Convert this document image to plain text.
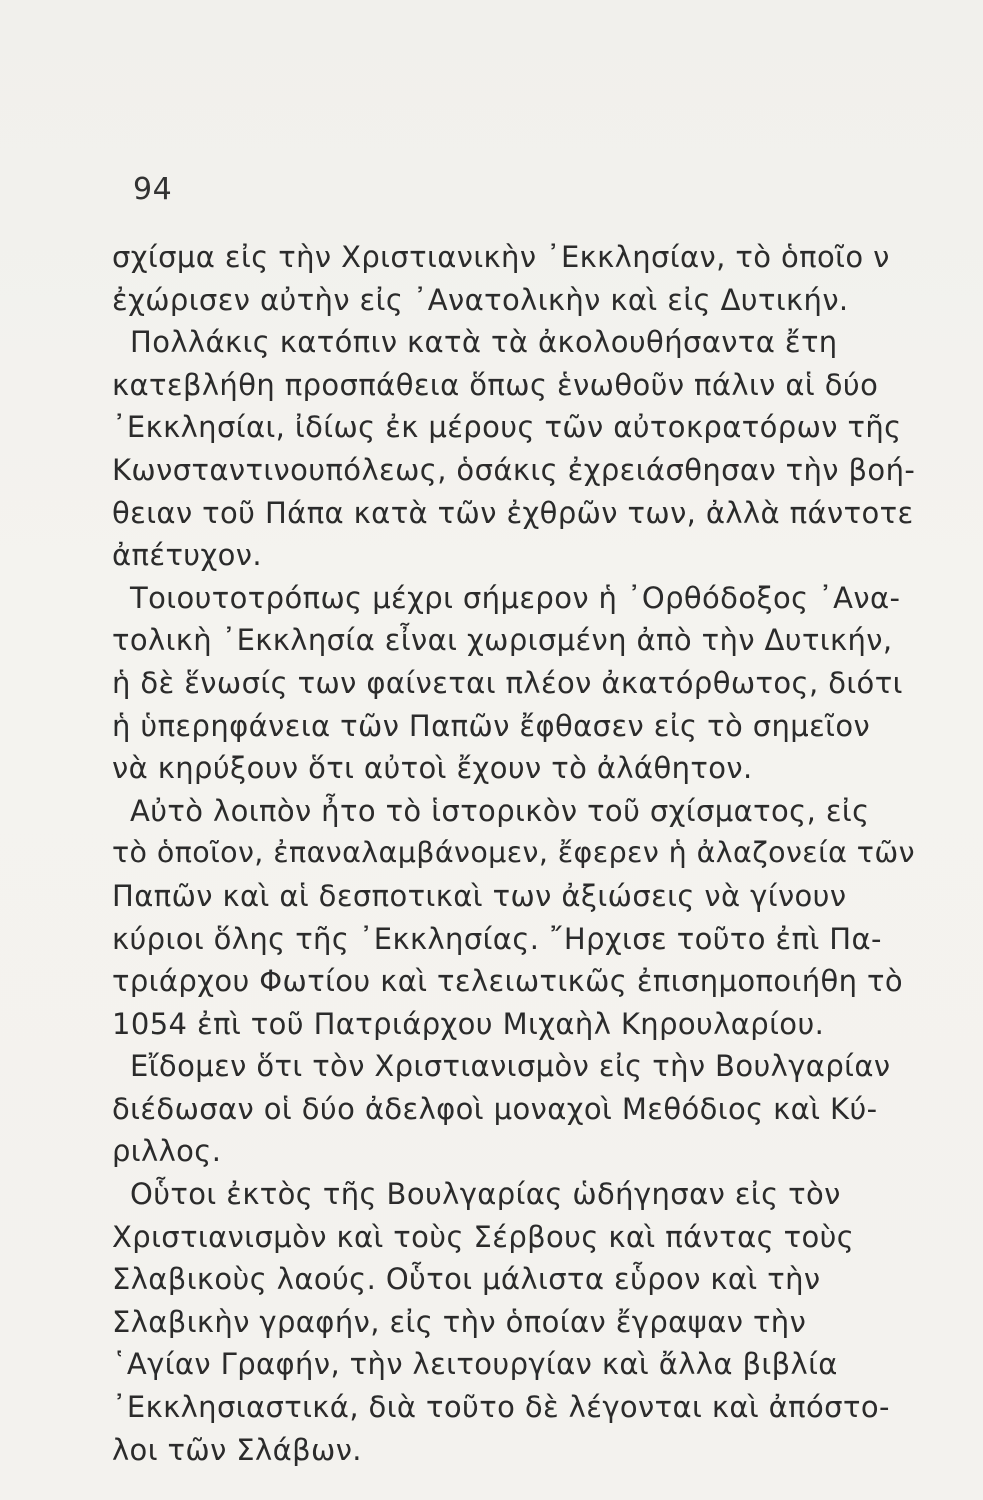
94
σχίσμα εἰς τὴν Χριστιανικὴν ᾿Εκκλησίαν, τὸ ὁποῖο ν
ἐχώρισεν αὐτὴν εἰς ᾿Ανατολικὴν καὶ εἰς Δυτικήν.
Πολλάκις κατόπιν κατὰ τὰ ἀκολουθήσαντα ἔτη
κατεβλήθη προσπάθεια ὅπως ἑνωθοῦν πάλιν αἱ δύο
᾿Εκκλησίαι, ἰδίως ἐκ μέρους τῶν αὐτοκρατόρων τῆς
Κωνσταντινουπόλεως, ὁσάκις ἐχρειάσθησαν τὴν βοή-
θειαν τοῦ Πάπα κατὰ τῶν ἐχθρῶν των, ἀλλὰ πάντοτε
ἀπέτυχον.
Τοιουτοτρόπως μέχρι σήμερον ἡ ᾿Ορθόδοξος ᾿Ανα-
τολικὴ ᾿Εκκλησία εἶναι χωρισμένη ἀπὸ τὴν Δυτικήν,
ἡ δὲ ἕνωσίς των φαίνεται πλέον ἀκατόρθωτος, διότι
ἡ ὑπερηφάνεια τῶν Παπῶν ἔφθασεν εἰς τὸ σημεῖον
νὰ κηρύξουν ὅτι αὐτοὶ ἔχουν τὸ ἀλάθητον.
Αὐτὸ λοιπὸν ἦτο τὸ ἱστορικὸν τοῦ σχίσματος, εἰς
τὸ ὁποῖον, ἐπαναλαμβάνομεν, ἔφερεν ἡ ἀλαζονεία τῶν
Παπῶν καὶ αἱ δεσποτικαὶ των ἀξιώσεις νὰ γίνουν
κύριοι ὅλης τῆς ᾿Εκκλησίας. ῎Ηρχισε τοῦτο ἐπὶ Πα-
τριάρχου Φωτίου καὶ τελειωτικῶς ἐπισημοποιήθη τὸ
1054 ἐπὶ τοῦ Πατριάρχου Μιχαὴλ Κηρουλαρίου.
Εἴδομεν ὅτι τὸν Χριστιανισμὸν εἰς τὴν Βουλγαρίαν
διέδωσαν οἱ δύο ἀδελφοὶ μοναχοὶ Μεθόδιος καὶ Κύ-
ριλλος.
Οὗτοι ἐκτὸς τῆς Βουλγαρίας ὡδήγησαν εἰς τὸν
Χριστιανισμὸν καὶ τοὺς Σέρβους καὶ πάντας τοὺς
Σλαβικοὺς λαούς. Οὗτοι μάλιστα εὗρον καὶ τὴν
Σλαβικὴν γραφήν, εἰς τὴν ὁποίαν ἔγραψαν τὴν
῾Αγίαν Γραφήν, τὴν λειτουργίαν καὶ ἄλλα βιβλία
᾿Εκκλησιαστικά, διὰ τοῦτο δὲ λέγονται καὶ ἀπόστο-
λοι τῶν Σλάβων.
